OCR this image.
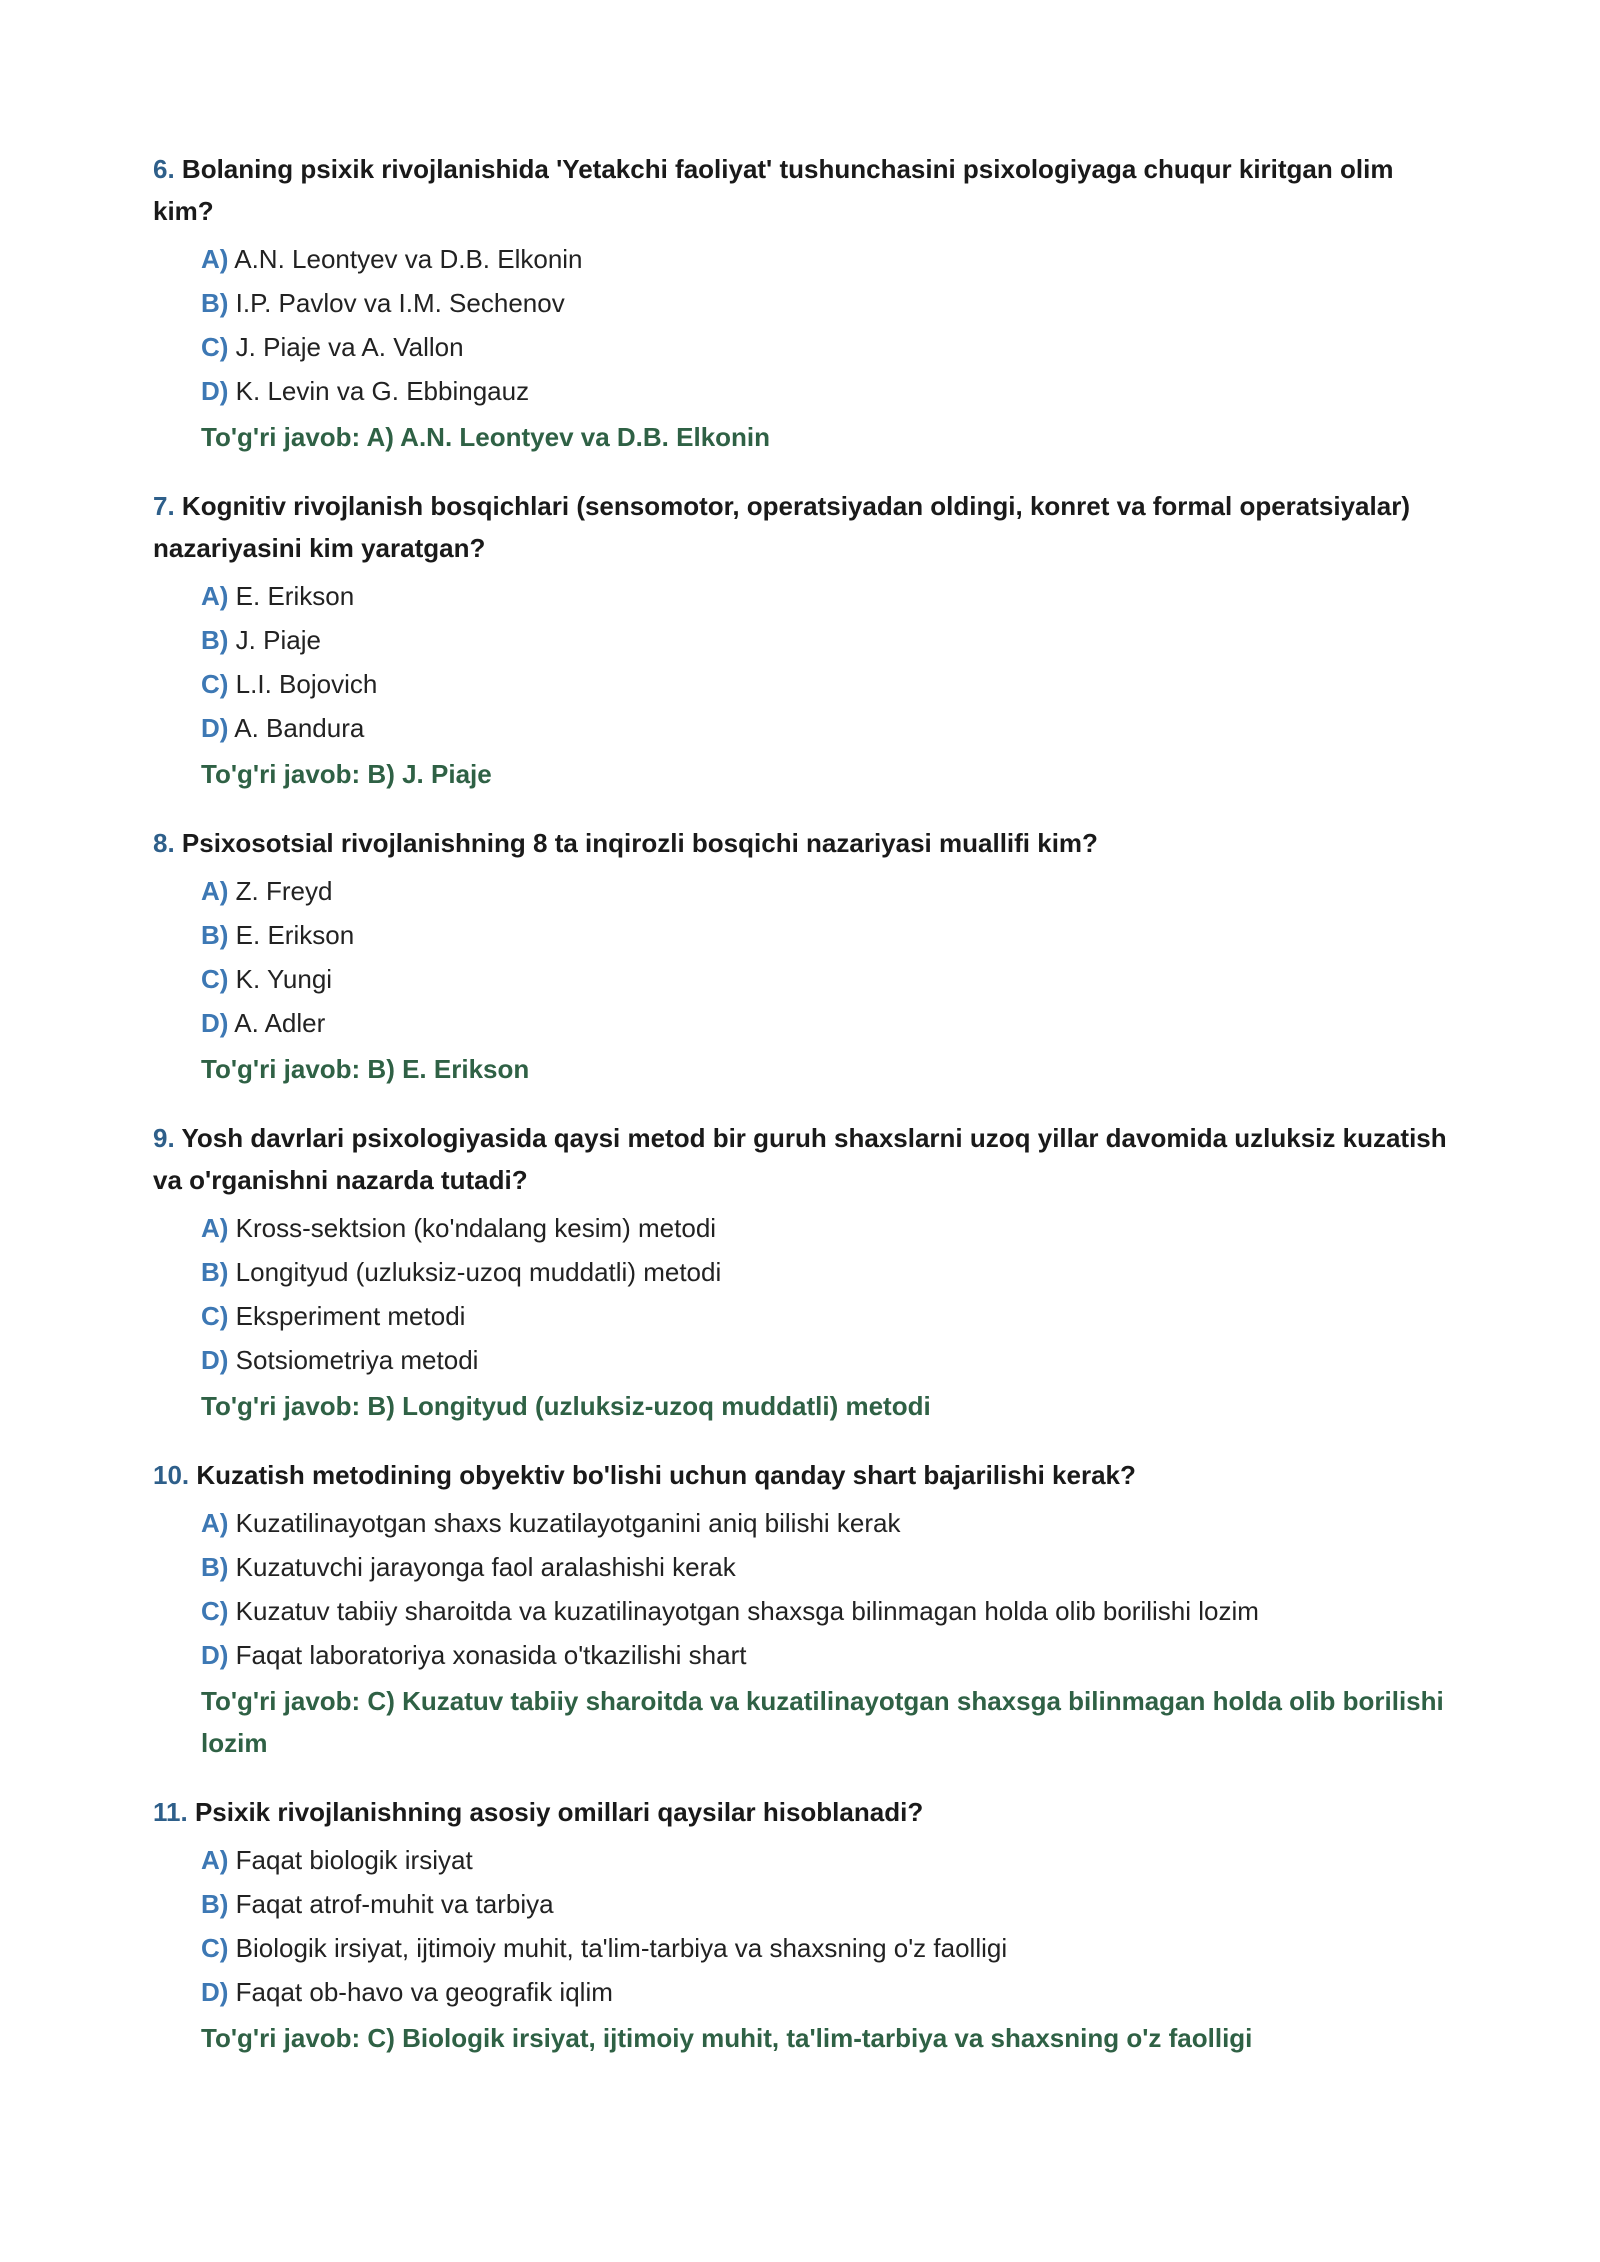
6. Bolaning psixik rivojlanishida 'Yetakchi faoliyat' tushunchasini psixologiyaga chuqur kiritgan olim kim?

A) A.N. Leontyev va D.B. Elkonin
B) I.P. Pavlov va I.M. Sechenov
C) J. Piaje va A. Vallon
D) K. Levin va G. Ebbingauz
To'g'ri javob: A) A.N. Leontyev va D.B. Elkonin

7. Kognitiv rivojlanish bosqichlari (sensomotor, operatsiyadan oldingi, konret va formal operatsiyalar) nazariyasini kim yaratgan?

A) E. Erikson
B) J. Piaje
C) L.I. Bojovich
D) A. Bandura
To'g'ri javob: B) J. Piaje

8. Psixosotsial rivojlanishning 8 ta inqirozli bosqichi nazariyasi muallifi kim?

A) Z. Freyd
B) E. Erikson
C) K. Yungi
D) A. Adler
To'g'ri javob: B) E. Erikson

9. Yosh davrlari psixologiyasida qaysi metod bir guruh shaxslarni uzoq yillar davomida uzluksiz kuzatish va o'rganishni nazarda tutadi?

A) Kross-sektsion (ko'ndalang kesim) metodi
B) Longityud (uzluksiz-uzoq muddatli) metodi
C) Eksperiment metodi
D) Sotsiometriya metodi
To'g'ri javob: B) Longityud (uzluksiz-uzoq muddatli) metodi

10. Kuzatish metodining obyektiv bo'lishi uchun qanday shart bajarilishi kerak?

A) Kuzatilinayotgan shaxs kuzatilayotganini aniq bilishi kerak
B) Kuzatuvchi jarayonga faol aralashishi kerak
C) Kuzatuv tabiiy sharoitda va kuzatilinayotgan shaxsga bilinmagan holda olib borilishi lozim
D) Faqat laboratoriya xonasida o'tkazilishi shart
To'g'ri javob: C) Kuzatuv tabiiy sharoitda va kuzatilinayotgan shaxsga bilinmagan holda olib borilishi lozim

11. Psixik rivojlanishning asosiy omillari qaysilar hisoblanadi?

A) Faqat biologik irsiyat
B) Faqat atrof-muhit va tarbiya
C) Biologik irsiyat, ijtimoiy muhit, ta'lim-tarbiya va shaxsning o'z faolligi
D) Faqat ob-havo va geografik iqlim
To'g'ri javob: C) Biologik irsiyat, ijtimoiy muhit, ta'lim-tarbiya va shaxsning o'z faolligi
